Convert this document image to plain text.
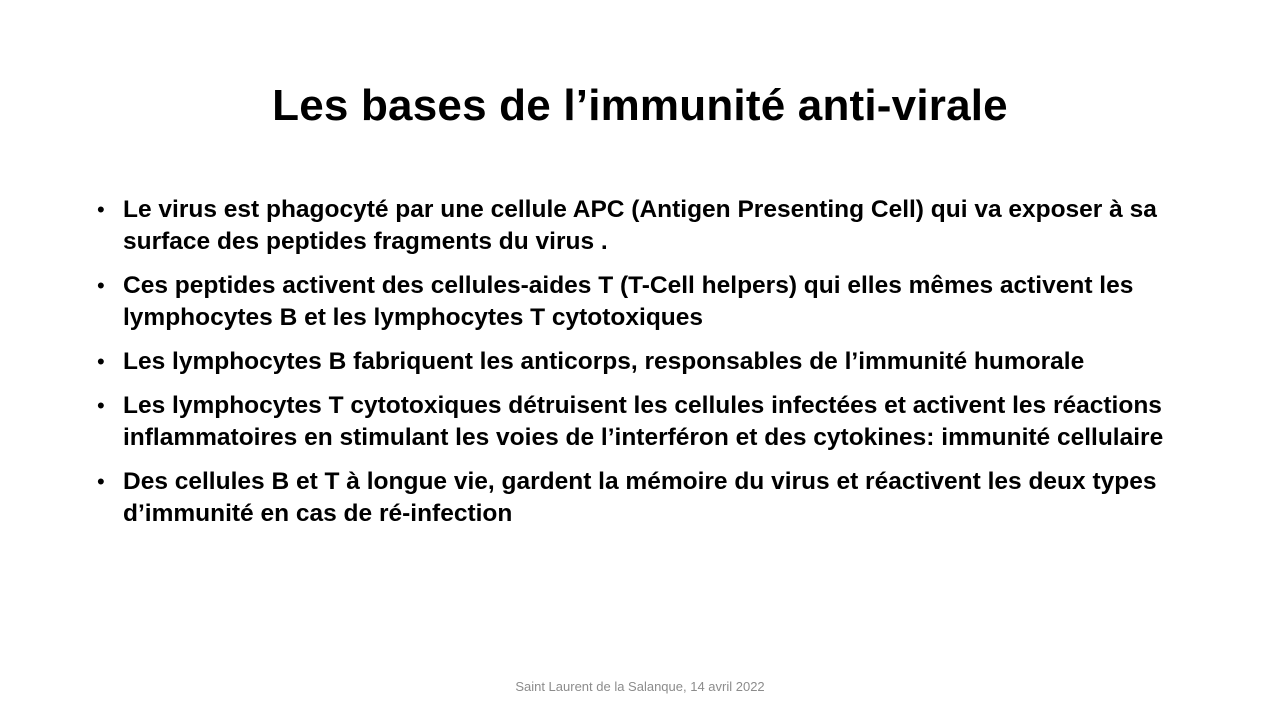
Les bases de l’immunité anti-virale
• Le virus est phagocyté par une cellule APC (Antigen Presenting Cell) qui va exposer à sa surface des peptides fragments du virus .
• Ces peptides activent des cellules-aides T (T-Cell helpers) qui elles mêmes activent les lymphocytes B et les lymphocytes T cytotoxiques
• Les lymphocytes B fabriquent les anticorps, responsables de l’immunité humorale
• Les lymphocytes T cytotoxiques détruisent les cellules infectées et activent les réactions inflammatoires en stimulant les voies de l’interféron et des cytokines: immunité cellulaire
• Des cellules B et T à longue vie, gardent la mémoire du virus et réactivent les deux types d’immunité en cas de ré-infection
Saint Laurent de la Salanque, 14 avril 2022
